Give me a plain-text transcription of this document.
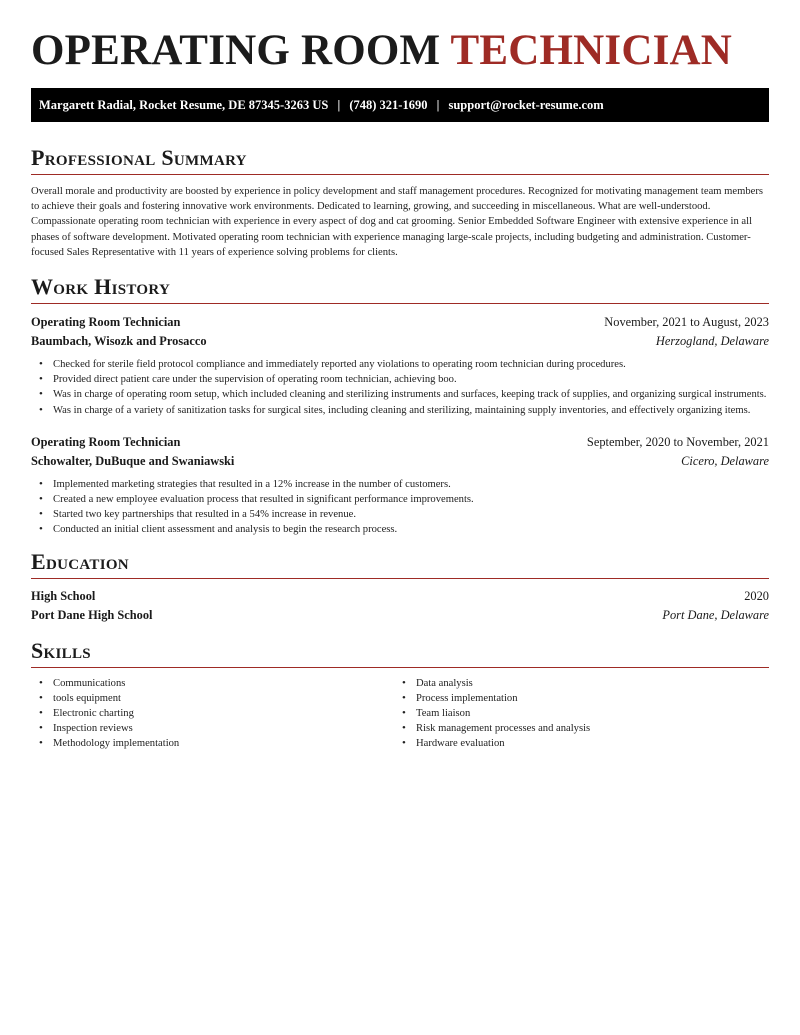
OPERATING ROOM TECHNICIAN
Margarett Radial, Rocket Resume, DE 87345-3263 US | (748) 321-1690 | support@rocket-resume.com
Professional Summary

Overall morale and productivity are boosted by experience in policy development and staff management procedures. Recognized for motivating management team members to achieve their goals and fostering innovative work environments. Dedicated to learning, growing, and succeeding in miscellaneous. What are well-understood. Compassionate operating room technician with experience in every aspect of dog and cat grooming. Senior Embedded Software Engineer with extensive experience in all phases of software development. Motivated operating room technician with experience managing large-scale projects, including budgeting and administration. Customer-focused Sales Representative with 11 years of experience solving problems for clients.

Work History
Operating Room Technician	November, 2021 to August, 2023
Baumbach, Wisozk and Prosacco	Herzogland, Delaware
• Checked for sterile field protocol compliance and immediately reported any violations to operating room technician during procedures.
• Provided direct patient care under the supervision of operating room technician, achieving boo.
• Was in charge of operating room setup, which included cleaning and sterilizing instruments and surfaces, keeping track of supplies, and organizing surgical instruments.
• Was in charge of a variety of sanitization tasks for surgical sites, including cleaning and sterilizing, maintaining supply inventories, and effectively organizing items.
Operating Room Technician	September, 2020 to November, 2021
Schowalter, DuBuque and Swaniawski	Cicero, Delaware
• Implemented marketing strategies that resulted in a 12% increase in the number of customers.
• Created a new employee evaluation process that resulted in significant performance improvements.
• Started two key partnerships that resulted in a 54% increase in revenue.
• Conducted an initial client assessment and analysis to begin the research process.
Education
High School	2020
Port Dane High School	Port Dane, Delaware
Skills
• Communications
• tools equipment
• Electronic charting
• Inspection reviews
• Methodology implementation
• Data analysis
• Process implementation
• Team liaison
• Risk management processes and analysis
• Hardware evaluation
